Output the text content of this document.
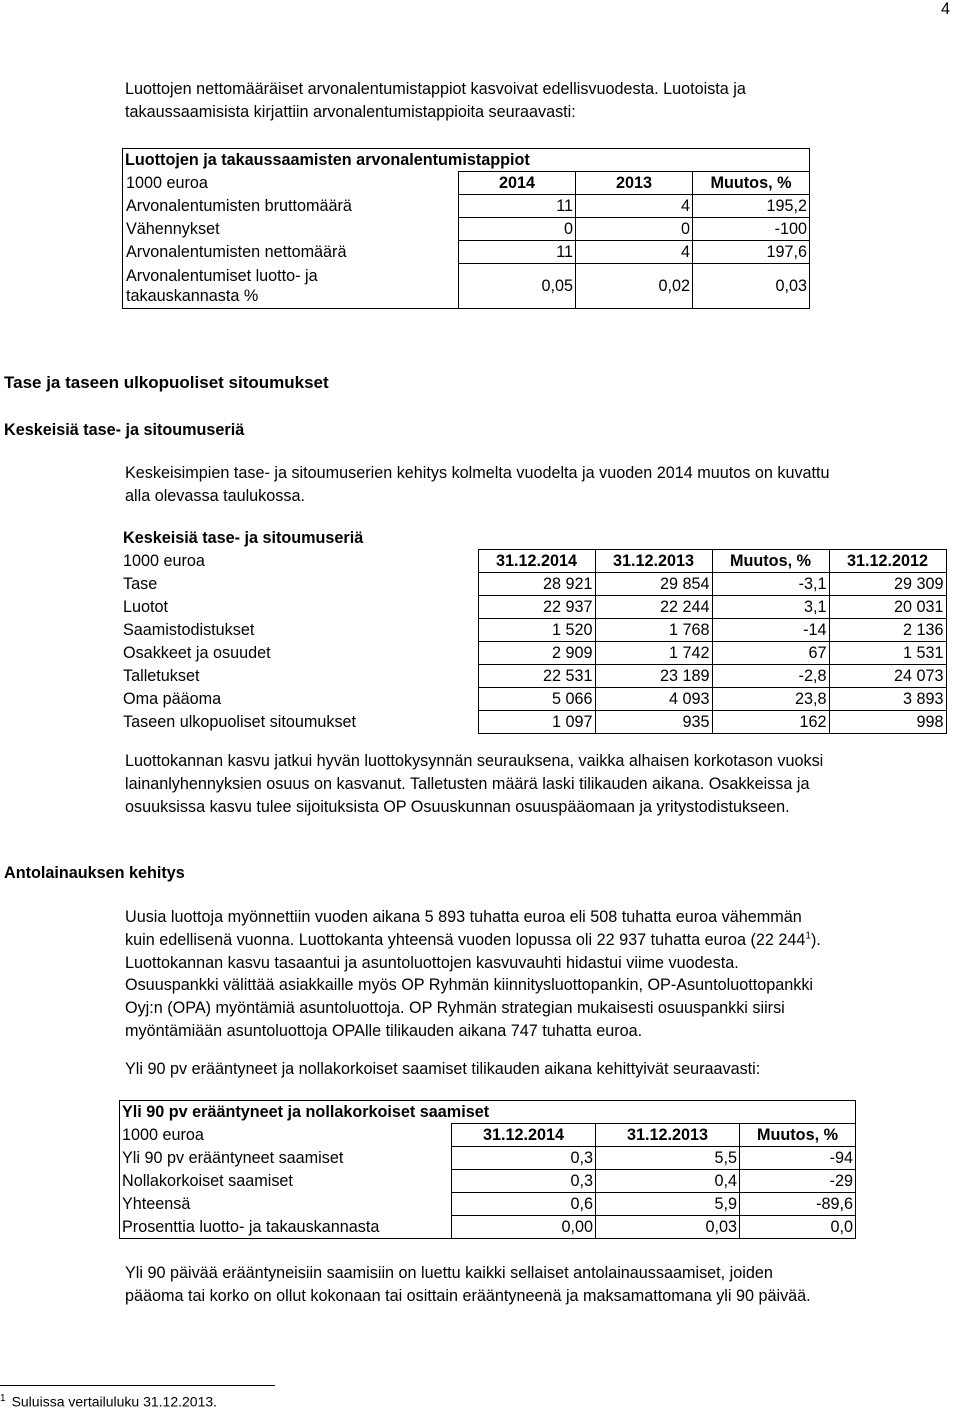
4

Luottojen nettomääräiset arvonalentumistappiot kasvoivat edellisvuodesta. Luotoista ja
takaussaamisista kirjattiin arvonalentumistappioita seuraavasti:

Luottojen ja takaussaamisten arvonalentumistappiot			
1000 euroa	2014	2013	Muutos, %
Arvonalentumisten bruttomäärä	11	4	195,2
Vähennykset	0	0	-100
Arvonalentumisten nettomäärä	11	4	197,6
Arvonalentumiset luotto- ja
takauskannasta %	0,05	0,02	0,03
Tase ja taseen ulkopuoliset sitoumukset
Keskeisiä tase- ja sitoumuseriä

Keskeisimpien tase- ja sitoumuserien kehitys kolmelta vuodelta ja vuoden 2014 muutos on kuvattu
alla olevassa taulukossa.

Keskeisiä tase- ja sitoumuseriä				
1000 euroa	31.12.2014	31.12.2013	Muutos, %	31.12.2012
Tase	28 921	29 854	-3,1	29 309
Luotot	22 937	22 244	3,1	20 031
Saamistodistukset	1 520	1 768	-14	2 136
Osakkeet ja osuudet	2 909	1 742	67	1 531
Talletukset	22 531	23 189	-2,8	24 073
Oma pääoma	5 066	4 093	23,8	3 893
Taseen ulkopuoliset sitoumukset	1 097	935	162	998

Luottokannan kasvu jatkui hyvän luottokysynnän seurauksena, vaikka alhaisen korkotason vuoksi
lainanlyhennyksien osuus on kasvanut. Talletusten määrä laski tilikauden aikana. Osakkeissa ja
osuuksissa kasvu tulee sijoituksista OP Osuuskunnan osuuspääomaan ja yritystodistukseen.

Antolainauksen kehitys

Uusia luottoja myönnettiin vuoden aikana 5 893 tuhatta euroa eli 508 tuhatta euroa vähemmän
kuin edellisenä vuonna. Luottokanta yhteensä vuoden lopussa oli 22 937 tuhatta euroa (22 $244^1$).
Luottokannan kasvu tasaantui ja asuntoluottojen kasvuvauhti hidastui viime vuodesta.
Osuuspankki välittää asiakkaille myös OP Ryhmän kiinnitysluottopankin, OP-Asuntoluottopankki
Oyj:n (OPA) myöntämiä asuntoluottoja. OP Ryhmän strategian mukaisesti osuuspankki siirsi
myöntämiään asuntoluottoja OPAlle tilikauden aikana 747 tuhatta euroa.

Yli 90 pv erääntyneet ja nollakorkoiset saamiset tilikauden aikana kehittyivät seuraavasti:

Yli 90 pv erääntyneet ja nollakorkoiset saamiset			
1000 euroa	31.12.2014	31.12.2013	Muutos, %
Yli 90 pv erääntyneet saamiset	0,3	5,5	-94
Nollakorkoiset saamiset	0,3	0,4	-29
Yhteensä	0,6	5,9	-89,6
Prosenttia luotto- ja takauskannasta	0,00	0,03	0,0

Yli 90 päivää erääntyneisiin saamisiin on luettu kaikki sellaiset antolainaussaamiset, joiden
pääoma tai korko on ollut kokonaan tai osittain erääntyneenä ja maksamattomana yli 90 päivää.

$^1$ Suluissa vertailuluku 31.12.2013.
